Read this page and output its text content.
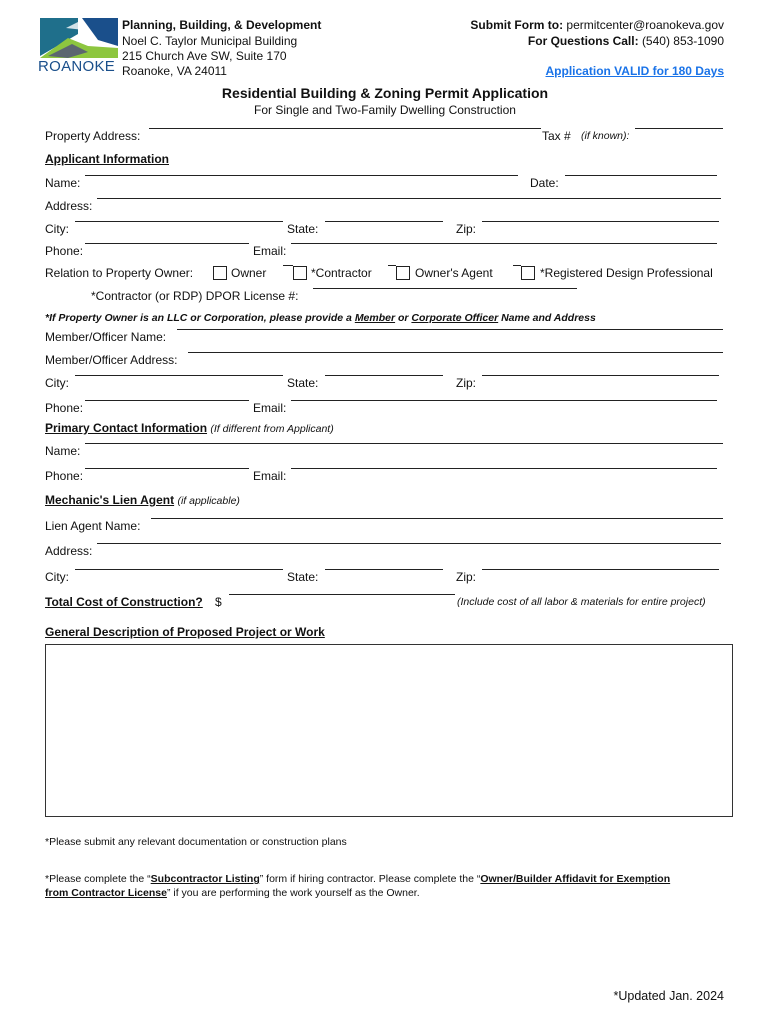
ROANOKE
Planning, Building, & Development
Noel C. Taylor Municipal Building
215 Church Ave SW, Suite 170
Roanoke, VA 24011
Submit Form to: permitcenter@roanokeva.gov
For Questions Call: (540) 853-1090
Application VALID for 180 Days
Residential Building & Zoning Permit Application
For Single and Two-Family Dwelling Construction
Property Address:	Tax # (if known):
Applicant Information
Name:	Date:
Address:
City:	State:	Zip:
Phone:	Email:
Relation to Property Owner:	Owner	*Contractor	Owner's Agent	*Registered Design Professional
*Contractor (or RDP) DPOR License #:
*If Property Owner is an LLC or Corporation, please provide a Member or Corporate Officer Name and Address
Member/Officer Name:
Member/Officer Address:
City:	State:	Zip:
Phone:	Email:
Primary Contact Information (If different from Applicant)
Name:
Phone:	Email:
Mechanic's Lien Agent (if applicable)
Lien Agent Name:
Address:
City:	State:	Zip:
Total Cost of Construction? $	(Include cost of all labor & materials for entire project)
General Description of Proposed Project or Work
*Please submit any relevant documentation or construction plans
*Please complete the “Subcontractor Listing” form if hiring contractor. Please complete the “Owner/Builder Affidavit for Exemption
from Contractor License” if you are performing the work yourself as the Owner.
*Updated Jan. 2024
